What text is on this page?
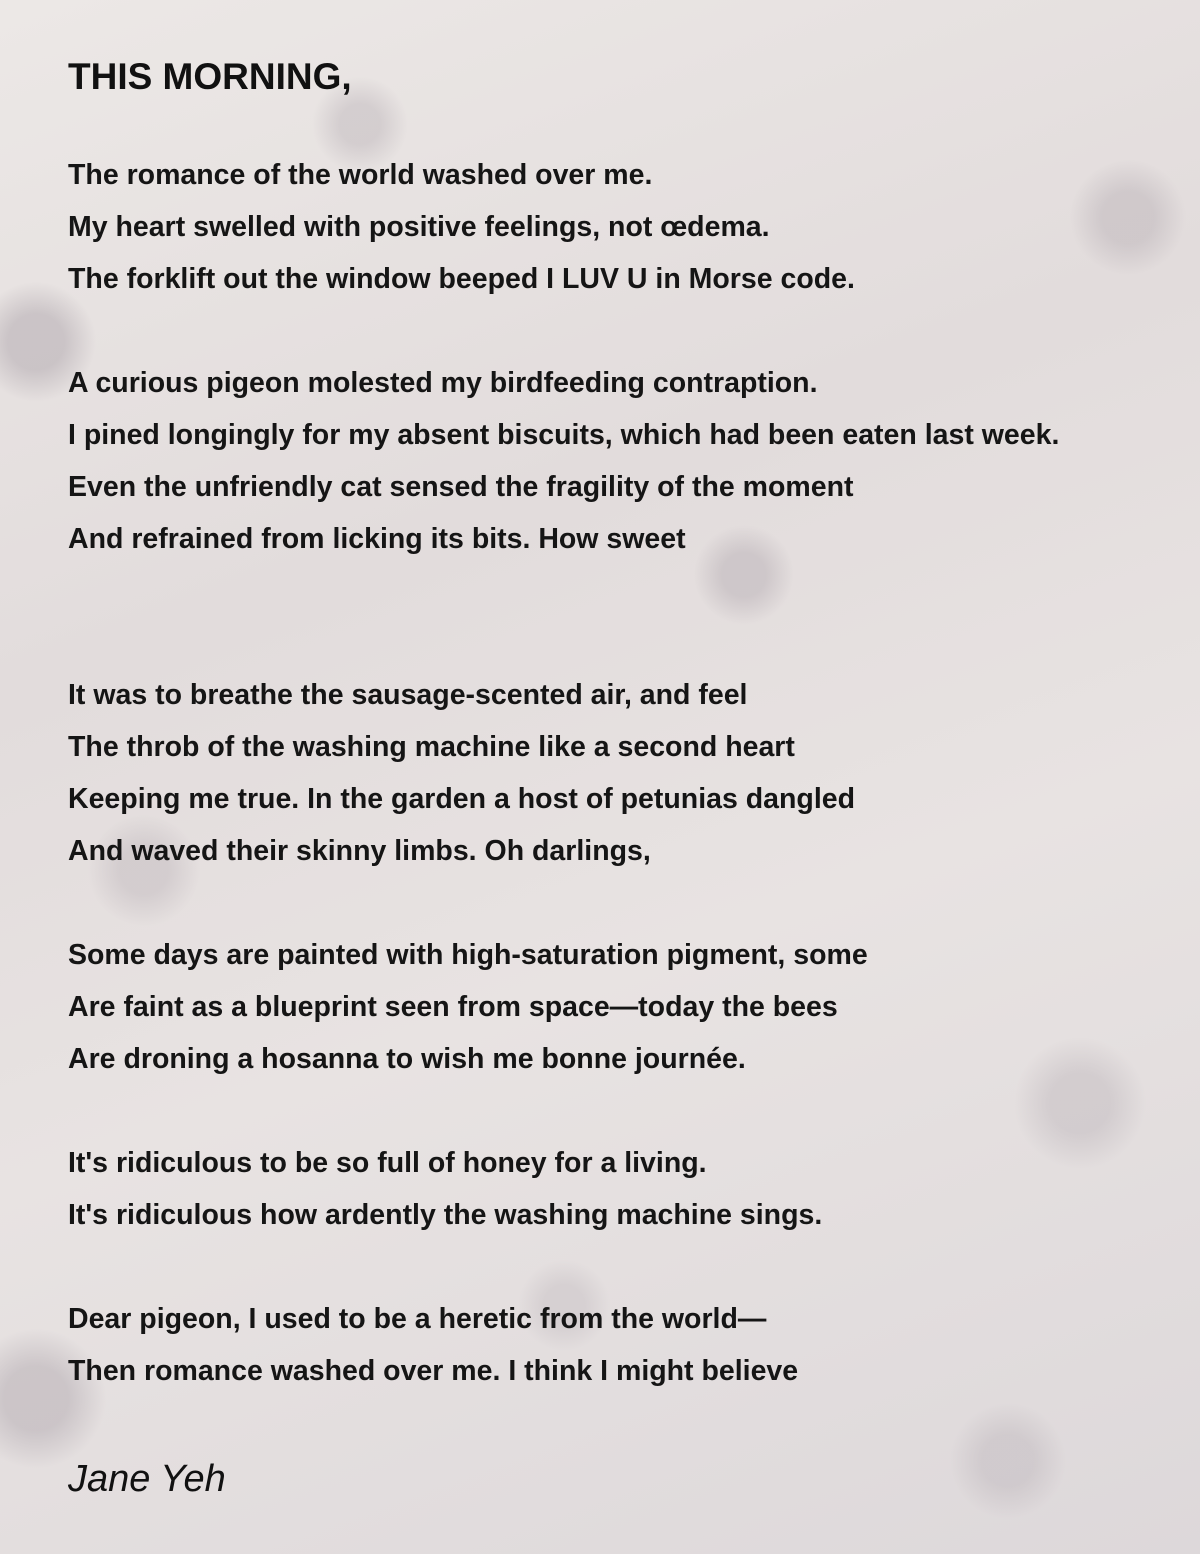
THIS MORNING,

The romance of the world washed over me.

My heart swelled with positive feelings, not œdema.

The forklift out the window beeped I LUV U in Morse code.

A curious pigeon molested my birdfeeding contraption.

I pined longingly for my absent biscuits, which had been eaten last week.

Even the unfriendly cat sensed the fragility of the moment

And refrained from licking its bits. How sweet

It was to breathe the sausage-scented air, and feel

The throb of the washing machine like a second heart

Keeping me true. In the garden a host of petunias dangled

And waved their skinny limbs. Oh darlings,

Some days are painted with high-saturation pigment, some

Are faint as a blueprint seen from space—today the bees

Are droning a hosanna to wish me bonne journée.

It's ridiculous to be so full of honey for a living.

It's ridiculous how ardently the washing machine sings.

Dear pigeon, I used to be a heretic from the world—

Then romance washed over me. I think I might believe

Jane Yeh
